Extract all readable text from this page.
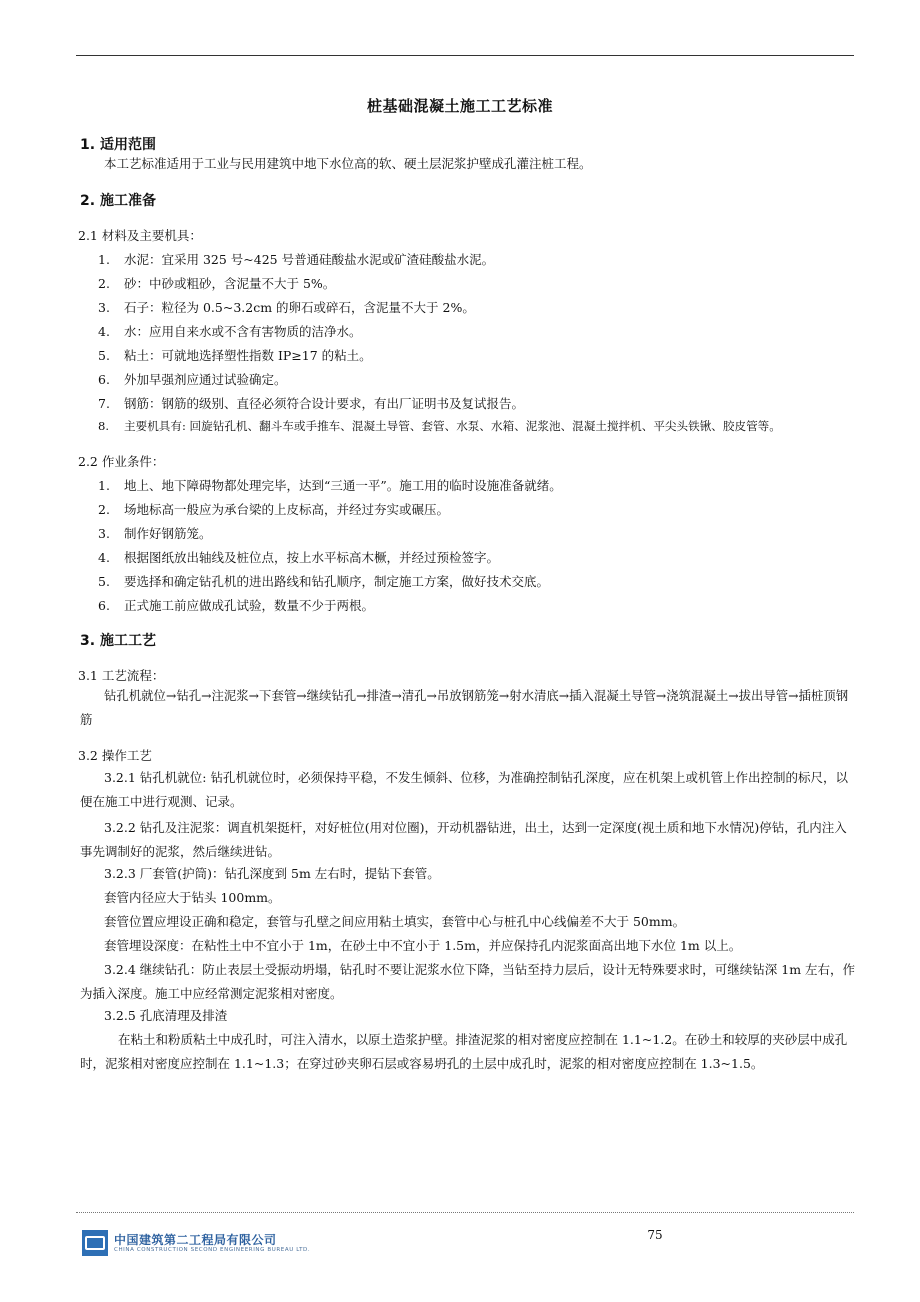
桩基础混凝土施工工艺标准
1. 适用范围
本工艺标准适用于工业与民用建筑中地下水位高的软、硬土层泥浆护壁成孔灌注桩工程。
2. 施工准备
2.1 材料及主要机具：
1. 水泥：宜采用 325 号~425 号普通硅酸盐水泥或矿渣硅酸盐水泥。
2. 砂：中砂或粗砂，含泥量不大于 5%。
3. 石子：粒径为 0.5~3.2cm 的卵石或碎石，含泥量不大于 2%。
4. 水：应用自来水或不含有害物质的洁净水。
5. 粘土：可就地选择塑性指数 IP≥17 的粘土。
6. 外加早强剂应通过试验确定。
7. 钢筋：钢筋的级别、直径必须符合设计要求，有出厂证明书及复试报告。
8. 主要机具有: 回旋钻孔机、翻斗车或手推车、混凝土导管、套管、水泵、水箱、泥浆池、混凝土搅拌机、平尖头铁锹、胶皮管等。
2.2 作业条件：
1. 地上、地下障碍物都处理完毕，达到“三通一平”。施工用的临时设施准备就绪。
2. 场地标高一般应为承台梁的上皮标高，并经过夯实或碾压。
3. 制作好钢筋笼。
4. 根据图纸放出轴线及桩位点，按上水平标高木橛，并经过预检签字。
5. 要选择和确定钻孔机的进出路线和钻孔顺序，制定施工方案，做好技术交底。
6. 正式施工前应做成孔试验，数量不少于两根。
3. 施工工艺
3.1 工艺流程：
钻孔机就位→钻孔→注泥浆→下套管→继续钻孔→排渣→清孔→吊放钢筋笼→射水清底→插入混凝土导管→浇筑混凝土→拔出导管→插桩顶钢筋
3.2 操作工艺
3.2.1 钻孔机就位: 钻孔机就位时，必须保持平稳，不发生倾斜、位移，为准确控制钻孔深度，应在机架上或机管上作出控制的标尺，以便在施工中进行观测、记录。
3.2.2 钻孔及注泥浆：调直机架挺杆，对好桩位(用对位圈)，开动机器钻进，出土，达到一定深度(视土质和地下水情况)停钻，孔内注入事先调制好的泥浆，然后继续进钻。
3.2.3 厂套管(护筒)：钻孔深度到 5m 左右时，提钻下套管。
套管内径应大于钻头 100mm。
套管位置应埋设正确和稳定，套管与孔壁之间应用粘土填实，套管中心与桩孔中心线偏差不大于 50mm。
套管埋设深度：在粘性土中不宜小于 1m，在砂土中不宜小于 1.5m，并应保持孔内泥浆面高出地下水位 1m 以上。
3.2.4 继续钻孔：防止表层土受振动坍塌，钻孔时不要让泥浆水位下降，当钻至持力层后，设计无特殊要求时，可继续钻深 1m 左右，作为插入深度。施工中应经常测定泥浆相对密度。
3.2.5 孔底清理及排渣
在粘土和粉质粘土中成孔时，可注入清水，以原土造浆护壁。排渣泥浆的相对密度应控制在 1.1~1.2。在砂土和较厚的夹砂层中成孔时，泥浆相对密度应控制在 1.1~1.3；在穿过砂夹卵石层或容易坍孔的土层中成孔时，泥浆的相对密度应控制在 1.3~1.5。
中国建筑第二工程局有限公司
CHINA CONSTRUCTION SECOND ENGINEERING BUREAU LTD.
75
